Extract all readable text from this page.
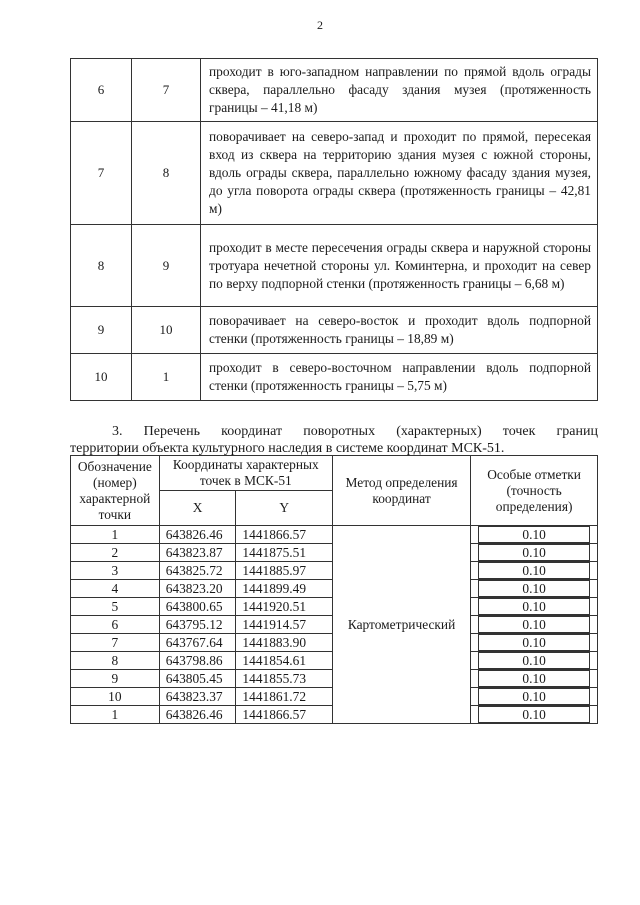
2
6	7	проходит в юго-западном направлении по прямой вдоль ограды сквера, параллельно фасаду здания музея (протяженность границы – 41,18 м)
7	8	поворачивает на северо-запад и проходит по прямой, пересекая вход из сквера на территорию здания музея с южной стороны, вдоль ограды сквера, параллельно южному фасаду здания музея, до угла поворота ограды сквера (протяженность границы – 42,81 м)
8	9	проходит в месте пересечения ограды сквера и наружной стороны тротуара нечетной стороны ул. Коминтерна, и проходит на север по верху подпорной стенки (протяженность границы – 6,68 м)
9	10	поворачивает на северо-восток и проходит вдоль подпорной стенки (протяженность границы – 18,89 м)
10	1	проходит в северо-восточном направлении вдоль подпорной стенки (протяженность границы – 5,75 м)
3. Перечень координат поворотных (характерных) точек границ
территории объекта культурного наследия в системе координат МСК-51.
Обозначение (номер) характерной точки	Координаты характерных точек в МСК-51		Метод определения координат	Особые отметки (точность определения)
	X	Y		
1	643826.46	1441866.57	Картометрический	0.10
2	643823.87	1441875.51		0.10
3	643825.72	1441885.97		0.10
4	643823.20	1441899.49		0.10
5	643800.65	1441920.51		0.10
6	643795.12	1441914.57		0.10
7	643767.64	1441883.90		0.10
8	643798.86	1441854.61		0.10
9	643805.45	1441855.73		0.10
10	643823.37	1441861.72		0.10
1	643826.46	1441866.57		0.10
